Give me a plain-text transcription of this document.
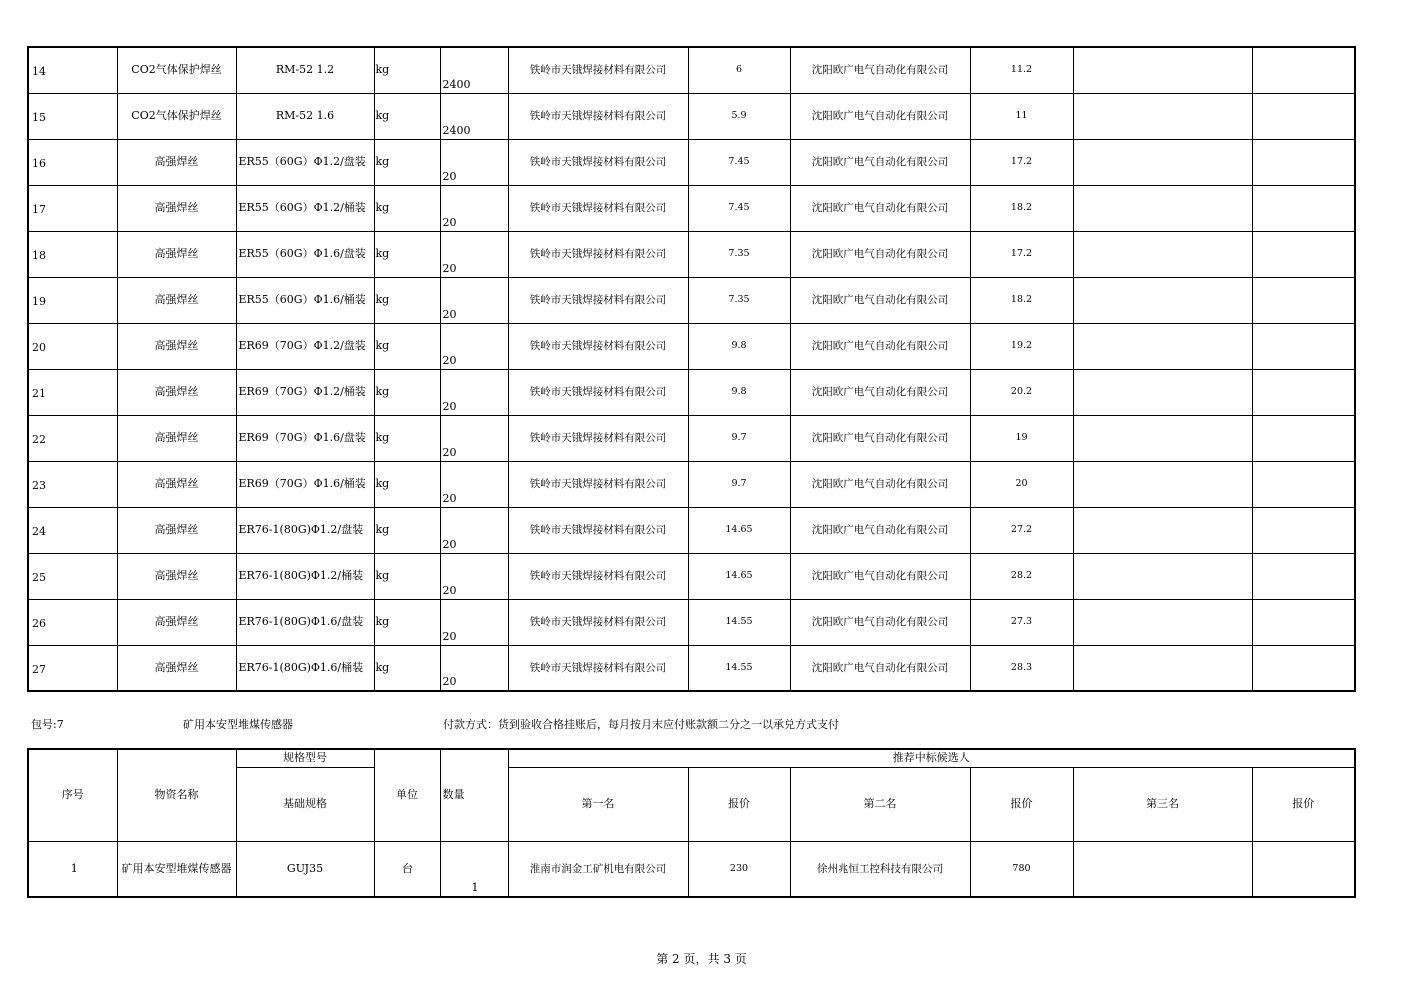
14	CO2气体保护焊丝	RM-52 1.2	kg	2400	铁岭市天锇焊接材料有限公司	6	沈阳欧广电气自动化有限公司	11.2		
15	CO2气体保护焊丝	RM-52 1.6	kg	2400	铁岭市天锇焊接材料有限公司	5.9	沈阳欧广电气自动化有限公司	11		
16	高强焊丝	ER55（60G）Φ1.2/盘装	kg	20	铁岭市天锇焊接材料有限公司	7.45	沈阳欧广电气自动化有限公司	17.2		
17	高强焊丝	ER55（60G）Φ1.2/桶装	kg	20	铁岭市天锇焊接材料有限公司	7.45	沈阳欧广电气自动化有限公司	18.2		
18	高强焊丝	ER55（60G）Φ1.6/盘装	kg	20	铁岭市天锇焊接材料有限公司	7.35	沈阳欧广电气自动化有限公司	17.2		
19	高强焊丝	ER55（60G）Φ1.6/桶装	kg	20	铁岭市天锇焊接材料有限公司	7.35	沈阳欧广电气自动化有限公司	18.2		
20	高强焊丝	ER69（70G）Φ1.2/盘装	kg	20	铁岭市天锇焊接材料有限公司	9.8	沈阳欧广电气自动化有限公司	19.2		
21	高强焊丝	ER69（70G）Φ1.2/桶装	kg	20	铁岭市天锇焊接材料有限公司	9.8	沈阳欧广电气自动化有限公司	20.2		
22	高强焊丝	ER69（70G）Φ1.6/盘装	kg	20	铁岭市天锇焊接材料有限公司	9.7	沈阳欧广电气自动化有限公司	19		
23	高强焊丝	ER69（70G）Φ1.6/桶装	kg	20	铁岭市天锇焊接材料有限公司	9.7	沈阳欧广电气自动化有限公司	20		
24	高强焊丝	ER76-1(80G)Φ1.2/盘装	kg	20	铁岭市天锇焊接材料有限公司	14.65	沈阳欧广电气自动化有限公司	27.2		
25	高强焊丝	ER76-1(80G)Φ1.2/桶装	kg	20	铁岭市天锇焊接材料有限公司	14.65	沈阳欧广电气自动化有限公司	28.2		
26	高强焊丝	ER76-1(80G)Φ1.6/盘装	kg	20	铁岭市天锇焊接材料有限公司	14.55	沈阳欧广电气自动化有限公司	27.3		
27	高强焊丝	ER76-1(80G)Φ1.6/桶装	kg	20	铁岭市天锇焊接材料有限公司	14.55	沈阳欧广电气自动化有限公司	28.3		
包号:7	矿用本安型堆煤传感器	付款方式：货到验收合格挂账后，每月按月末应付账款额二分之一以承兑方式支付
序号	物资名称	规格型号	单位	数量	推荐中标候选人					
		基础规格			第一名	报价	第二名	报价	第三名	报价
1	矿用本安型堆煤传感器	GUJ35	台	1	淮南市润金工矿机电有限公司	230	徐州兆恒工控科技有限公司	780		
第 2 页，共 3 页
